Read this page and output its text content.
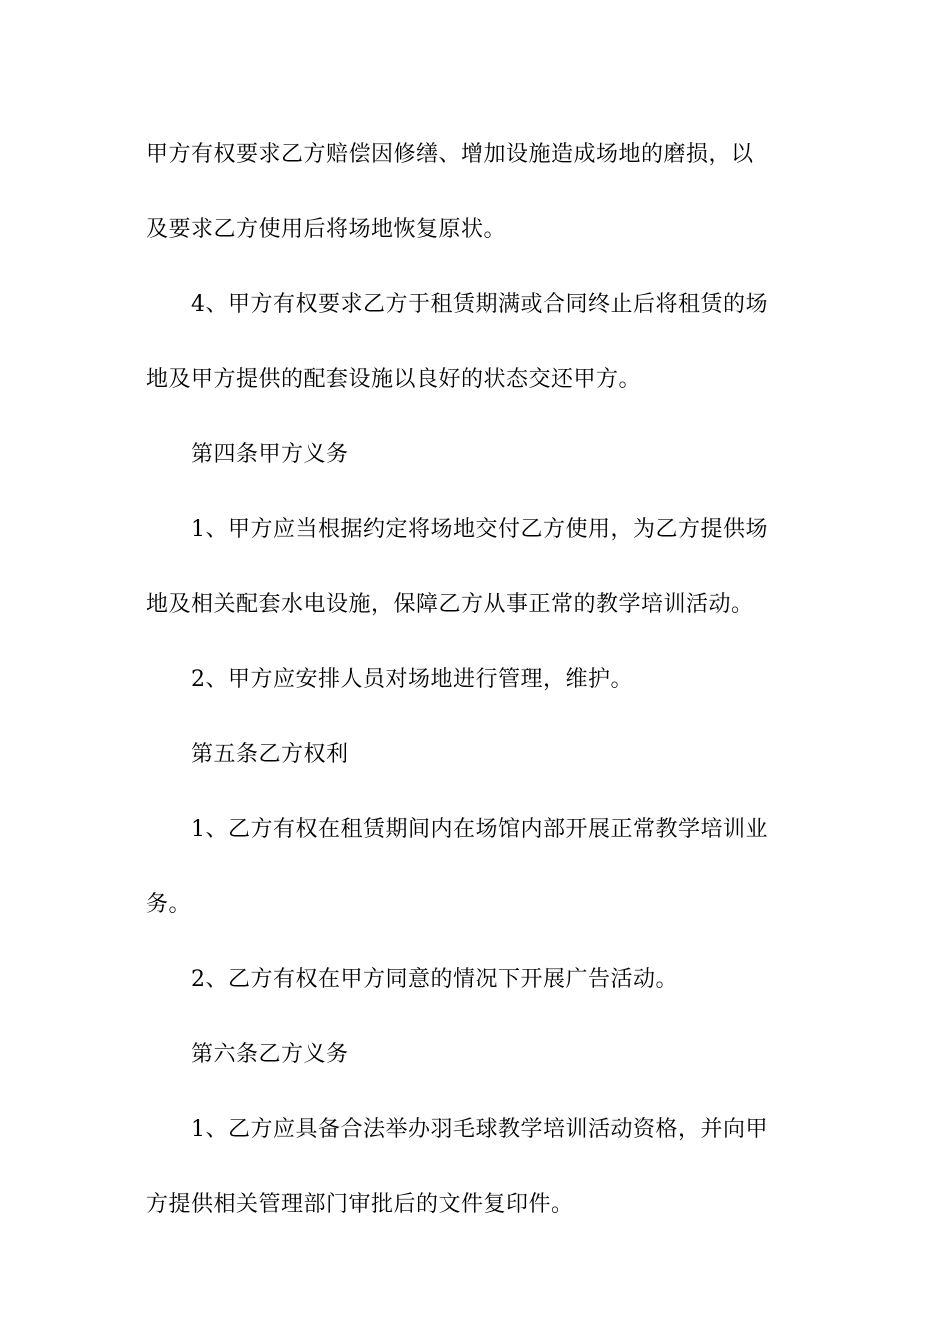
甲方有权要求乙方赔偿因修缮、增加设施造成场地的磨损，以
及要求乙方使用后将场地恢复原状。
4、甲方有权要求乙方于租赁期满或合同终止后将租赁的场
地及甲方提供的配套设施以良好的状态交还甲方。
第四条甲方义务
1、甲方应当根据约定将场地交付乙方使用，为乙方提供场
地及相关配套水电设施，保障乙方从事正常的教学培训活动。
2、甲方应安排人员对场地进行管理，维护。
第五条乙方权利
1、乙方有权在租赁期间内在场馆内部开展正常教学培训业
务。
2、乙方有权在甲方同意的情况下开展广告活动。
第六条乙方义务
1、乙方应具备合法举办羽毛球教学培训活动资格，并向甲
方提供相关管理部门审批后的文件复印件。
